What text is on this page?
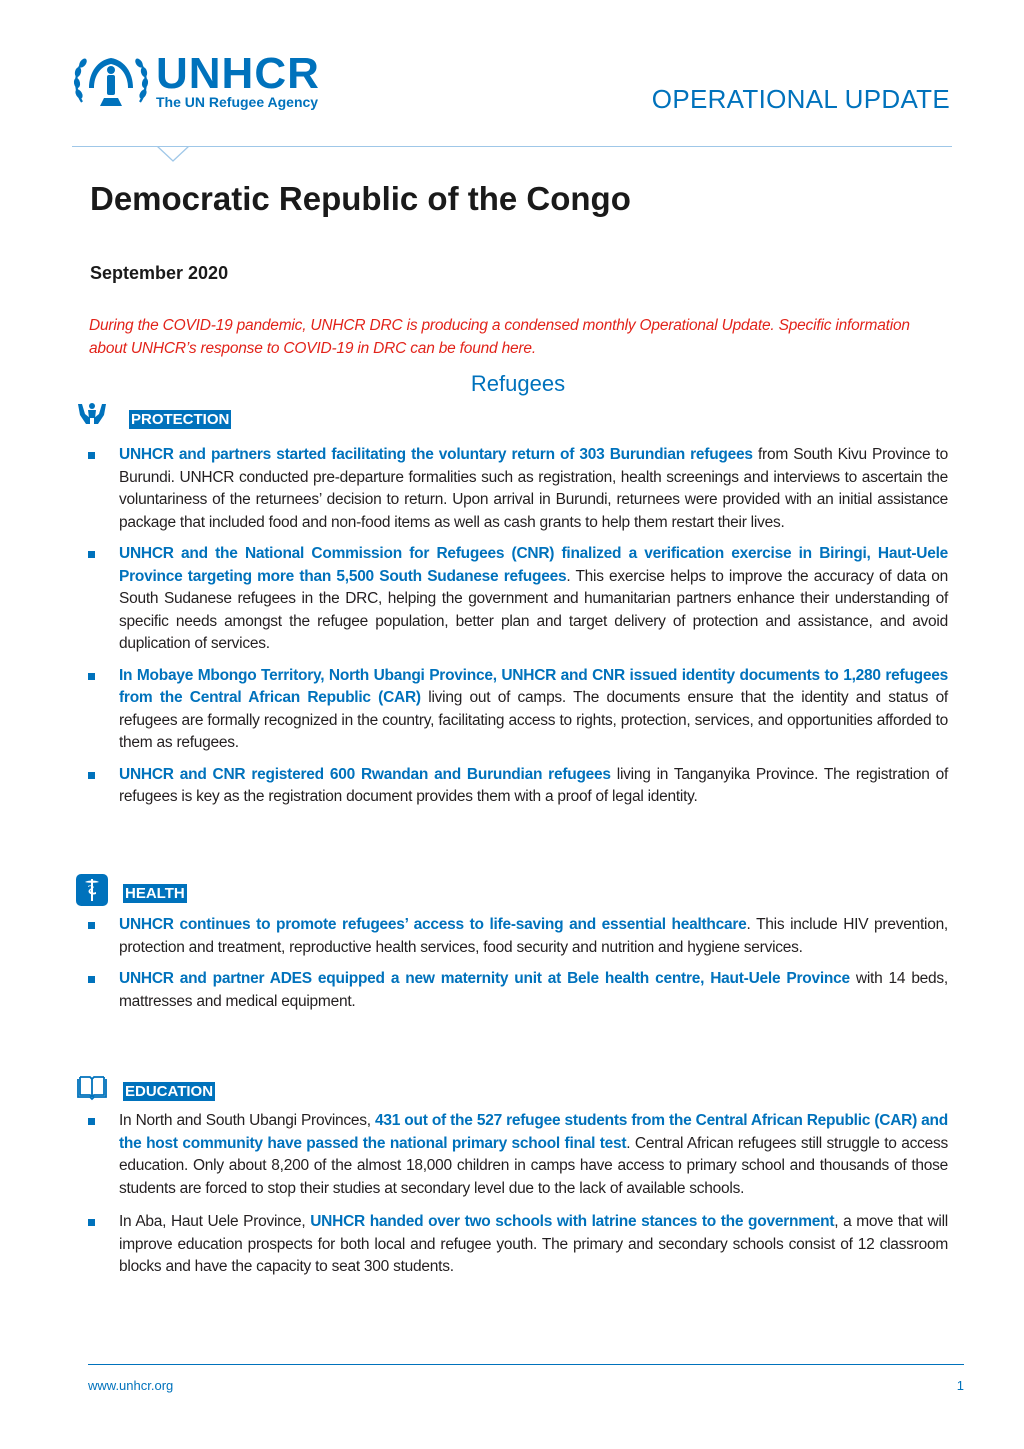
UNHCR
The UN Refugee Agency	OPERATIONAL UPDATE
Democratic Republic of the Congo
September 2020
During the COVID-19 pandemic, UNHCR DRC is producing a condensed monthly Operational Update. Specific information about UNHCR’s response to COVID-19 in DRC can be found here.
Refugees
PROTECTION
UNHCR and partners started facilitating the voluntary return of 303 Burundian refugees from South Kivu Province to Burundi. UNHCR conducted pre-departure formalities such as registration, health screenings and interviews to ascertain the voluntariness of the returnees’ decision to return. Upon arrival in Burundi, returnees were provided with an initial assistance package that included food and non-food items as well as cash grants to help them restart their lives.
UNHCR and the National Commission for Refugees (CNR) finalized a verification exercise in Biringi, Haut-Uele Province targeting more than 5,500 South Sudanese refugees. This exercise helps to improve the accuracy of data on South Sudanese refugees in the DRC, helping the government and humanitarian partners enhance their understanding of specific needs amongst the refugee population, better plan and target delivery of protection and assistance, and avoid duplication of services.
In Mobaye Mbongo Territory, North Ubangi Province, UNHCR and CNR issued identity documents to 1,280 refugees from the Central African Republic (CAR) living out of camps. The documents ensure that the identity and status of refugees are formally recognized in the country, facilitating access to rights, protection, services, and opportunities afforded to them as refugees.
UNHCR and CNR registered 600 Rwandan and Burundian refugees living in Tanganyika Province. The registration of refugees is key as the registration document provides them with a proof of legal identity.
HEALTH
UNHCR continues to promote refugees’ access to life-saving and essential healthcare. This include HIV prevention, protection and treatment, reproductive health services, food security and nutrition and hygiene services.
UNHCR and partner ADES equipped a new maternity unit at Bele health centre, Haut-Uele Province with 14 beds, mattresses and medical equipment.
EDUCATION
In North and South Ubangi Provinces, 431 out of the 527 refugee students from the Central African Republic (CAR) and the host community have passed the national primary school final test. Central African refugees still struggle to access education. Only about 8,200 of the almost 18,000 children in camps have access to primary school and thousands of those students are forced to stop their studies at secondary level due to the lack of available schools.
In Aba, Haut Uele Province, UNHCR handed over two schools with latrine stances to the government, a move that will improve education prospects for both local and refugee youth. The primary and secondary schools consist of 12 classroom blocks and have the capacity to seat 300 students.
www.unhcr.org	1
